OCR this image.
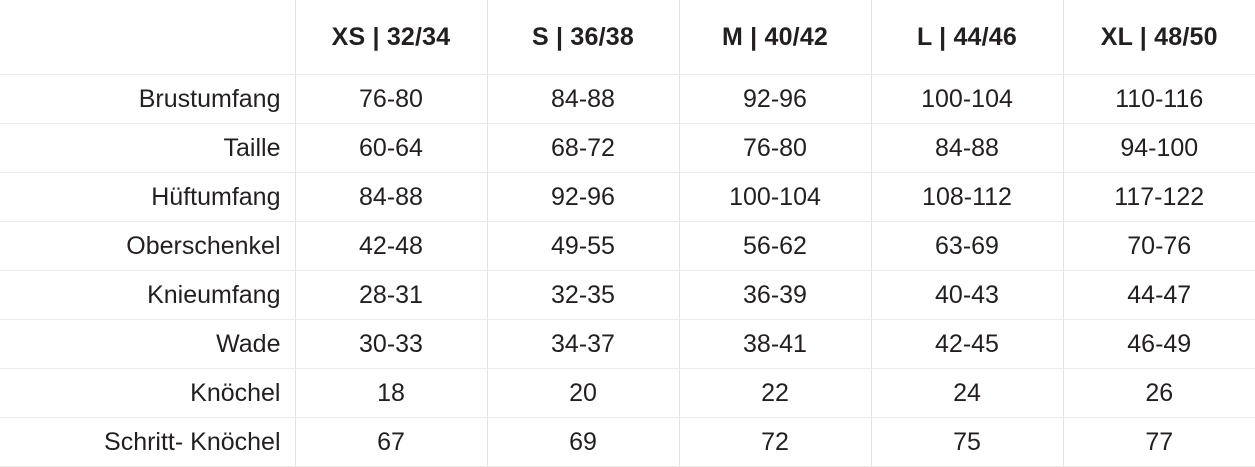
	XS | 32/34	S | 36/38	M | 40/42	L | 44/46	XL | 48/50
Brustumfang	76-80	84-88	92-96	100-104	110-116
Taille	60-64	68-72	76-80	84-88	94-100
Hüftumfang	84-88	92-96	100-104	108-112	117-122
Oberschenkel	42-48	49-55	56-62	63-69	70-76
Knieumfang	28-31	32-35	36-39	40-43	44-47
Wade	30-33	34-37	38-41	42-45	46-49
Knöchel	18	20	22	24	26
Schritt- Knöchel	67	69	72	75	77
